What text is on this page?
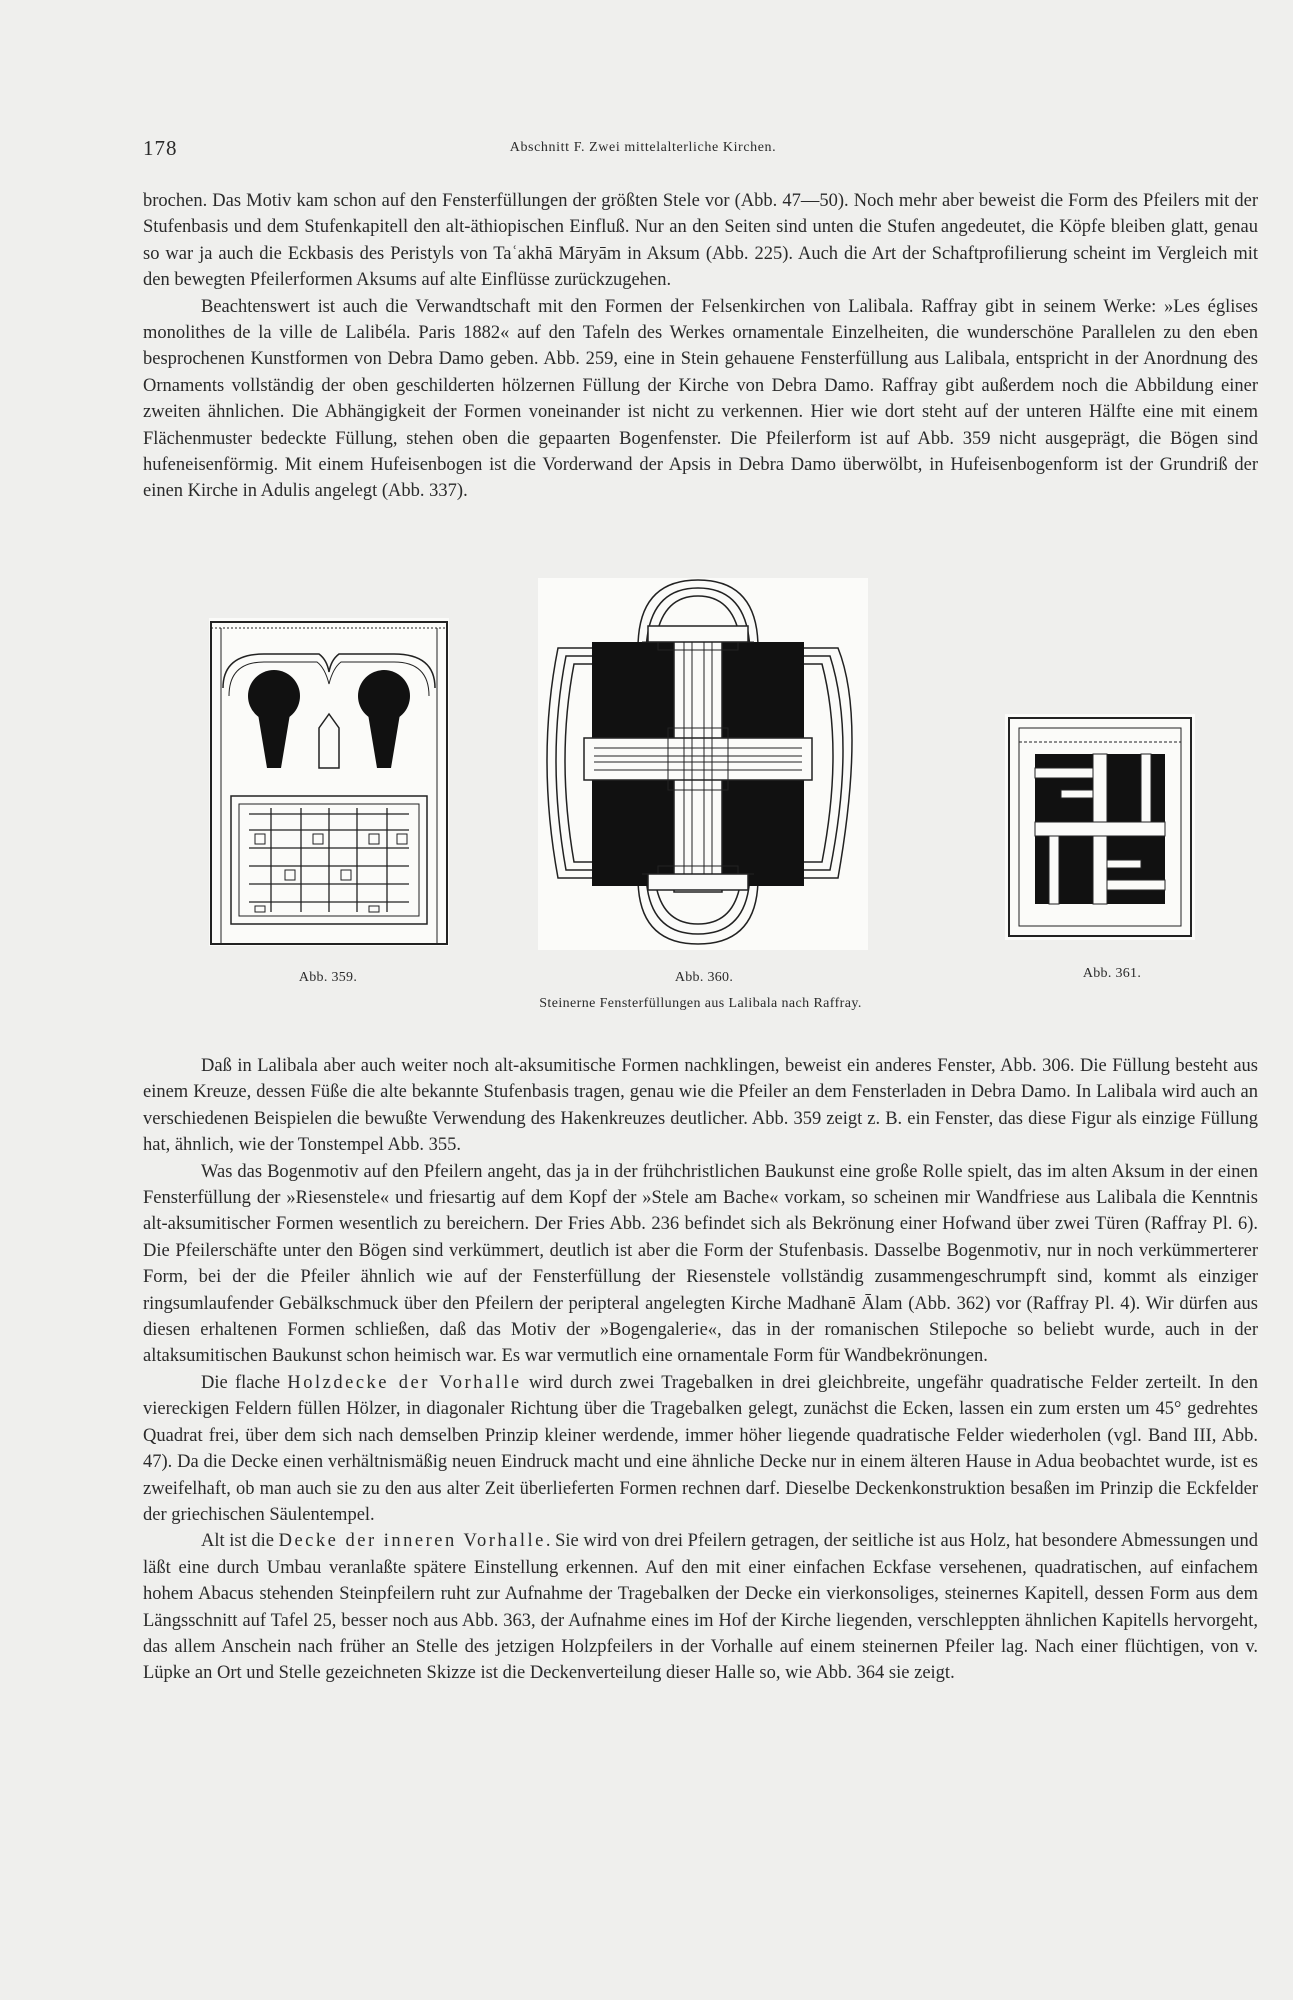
178	Abschnitt F. Zwei mittelalterliche Kirchen.

brochen. Das Motiv kam schon auf den Fensterfüllungen der größten Stele vor (Abb. 47—50). Noch mehr aber beweist die Form des Pfeilers mit der Stufenbasis und dem Stufenkapitell den alt-äthiopischen Einfluß. Nur an den Seiten sind unten die Stufen angedeutet, die Köpfe bleiben glatt, genau so war ja auch die Eckbasis des Peristyls von Taʿakhā Māryām in Aksum (Abb. 225). Auch die Art der Schaftprofilierung scheint im Vergleich mit den bewegten Pfeilerformen Aksums auf alte Einflüsse zurückzugehen.

Beachtenswert ist auch die Verwandtschaft mit den Formen der Felsenkirchen von Lalibala. Raffray gibt in seinem Werke: »Les églises monolithes de la ville de Lalibéla. Paris 1882« auf den Tafeln des Werkes ornamentale Einzelheiten, die wunderschöne Parallelen zu den eben besprochenen Kunstformen von Debra Damo geben. Abb. 259, eine in Stein gehauene Fensterfüllung aus Lalibala, entspricht in der Anordnung des Ornaments vollständig der oben geschilderten hölzernen Füllung der Kirche von Debra Damo. Raffray gibt außerdem noch die Abbildung einer zweiten ähnlichen. Die Abhängigkeit der Formen voneinander ist nicht zu verkennen. Hier wie dort steht auf der unteren Hälfte eine mit einem Flächenmuster bedeckte Füllung, stehen oben die gepaarten Bogenfenster. Die Pfeilerform ist auf Abb. 359 nicht ausgeprägt, die Bögen sind hufeneisenförmig. Mit einem Hufeisenbogen ist die Vorderwand der Apsis in Debra Damo überwölbt, in Hufeisenbogenform ist der Grundriß der einen Kirche in Adulis angelegt (Abb. 337).

Abb. 359.	Abb. 360.	Abb. 361.
Steinerne Fensterfüllungen aus Lalibala nach Raffray.

Daß in Lalibala aber auch weiter noch alt-aksumitische Formen nachklingen, beweist ein anderes Fenster, Abb. 306. Die Füllung besteht aus einem Kreuze, dessen Füße die alte bekannte Stufenbasis tragen, genau wie die Pfeiler an dem Fensterladen in Debra Damo. In Lalibala wird auch an verschiedenen Beispielen die bewußte Verwendung des Hakenkreuzes deutlicher. Abb. 359 zeigt z. B. ein Fenster, das diese Figur als einzige Füllung hat, ähnlich, wie der Tonstempel Abb. 355.

Was das Bogenmotiv auf den Pfeilern angeht, das ja in der frühchristlichen Baukunst eine große Rolle spielt, das im alten Aksum in der einen Fensterfüllung der »Riesenstele« und friesartig auf dem Kopf der »Stele am Bache« vorkam, so scheinen mir Wandfriese aus Lalibala die Kenntnis alt-aksumitischer Formen wesentlich zu bereichern. Der Fries Abb. 236 befindet sich als Bekrönung einer Hofwand über zwei Türen (Raffray Pl. 6). Die Pfeilerschäfte unter den Bögen sind verkümmert, deutlich ist aber die Form der Stufenbasis. Dasselbe Bogenmotiv, nur in noch verkümmerterer Form, bei der die Pfeiler ähnlich wie auf der Fensterfüllung der Riesenstele vollständig zusammengeschrumpft sind, kommt als einziger ringsumlaufender Gebälkschmuck über den Pfeilern der peripteral angelegten Kirche Madhanē Ālam (Abb. 362) vor (Raffray Pl. 4). Wir dürfen aus diesen erhaltenen Formen schließen, daß das Motiv der »Bogengalerie«, das in der romanischen Stilepoche so beliebt wurde, auch in der altaksumitischen Baukunst schon heimisch war. Es war vermutlich eine ornamentale Form für Wandbekrönungen.

Die flache Holzdecke der Vorhalle wird durch zwei Tragebalken in drei gleichbreite, ungefähr quadratische Felder zerteilt. In den viereckigen Feldern füllen Hölzer, in diagonaler Richtung über die Tragebalken gelegt, zunächst die Ecken, lassen ein zum ersten um 45° gedrehtes Quadrat frei, über dem sich nach demselben Prinzip kleiner werdende, immer höher liegende quadratische Felder wiederholen (vgl. Band III, Abb. 47). Da die Decke einen verhältnismäßig neuen Eindruck macht und eine ähnliche Decke nur in einem älteren Hause in Adua beobachtet wurde, ist es zweifelhaft, ob man auch sie zu den aus alter Zeit überlieferten Formen rechnen darf. Dieselbe Deckenkonstruktion besaßen im Prinzip die Eckfelder der griechischen Säulentempel.

Alt ist die Decke der inneren Vorhalle. Sie wird von drei Pfeilern getragen, der seitliche ist aus Holz, hat besondere Abmessungen und läßt eine durch Umbau veranlaßte spätere Einstellung erkennen. Auf den mit einer einfachen Eckfase versehenen, quadratischen, auf einfachem hohem Abacus stehenden Steinpfeilern ruht zur Aufnahme der Tragebalken der Decke ein vierkonsoliges, steinernes Kapitell, dessen Form aus dem Längsschnitt auf Tafel 25, besser noch aus Abb. 363, der Aufnahme eines im Hof der Kirche liegenden, verschleppten ähnlichen Kapitells hervorgeht, das allem Anschein nach früher an Stelle des jetzigen Holzpfeilers in der Vorhalle auf einem steinernen Pfeiler lag. Nach einer flüchtigen, von v. Lüpke an Ort und Stelle gezeichneten Skizze ist die Deckenverteilung dieser Halle so, wie Abb. 364 sie zeigt.
